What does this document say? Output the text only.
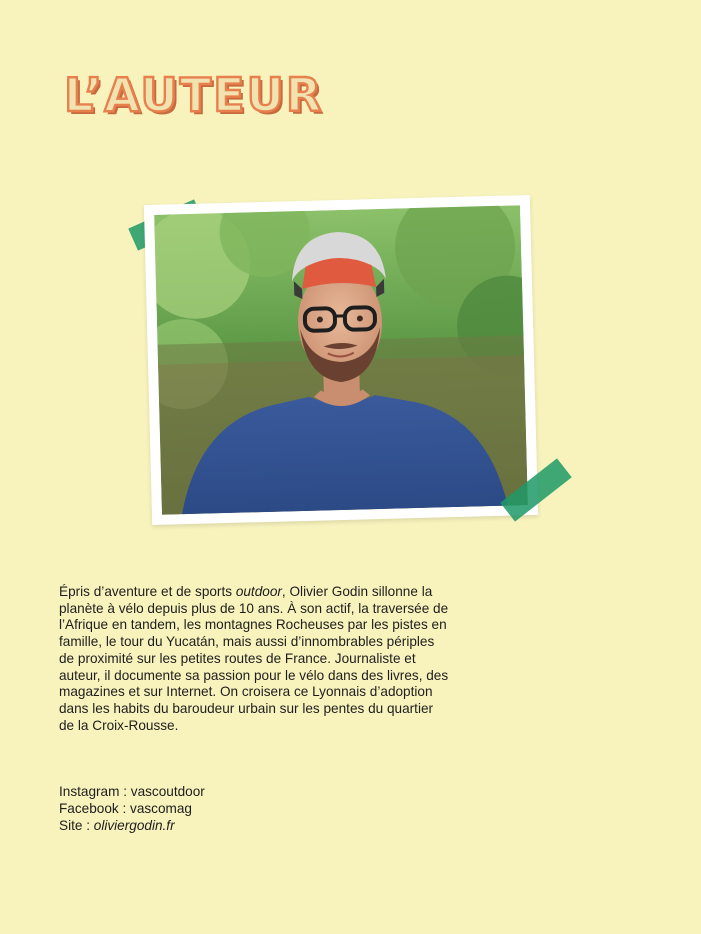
L’AUTEUR

Épris d’aventure et de sports outdoor, Olivier Godin sillonne la planète à vélo depuis plus de 10 ans. À son actif, la traversée de l’Afrique en tandem, les montagnes Rocheuses par les pistes en famille, le tour du Yucatán, mais aussi d’innombrables périples de proximité sur les petites routes de France. Journaliste et auteur, il documente sa passion pour le vélo dans des livres, des magazines et sur Internet. On croisera ce Lyonnais d’adoption dans les habits du baroudeur urbain sur les pentes du quartier de la Croix-Rousse.

Instagram : vascoutdoor
Facebook : vascomag
Site : oliviergodin.fr
